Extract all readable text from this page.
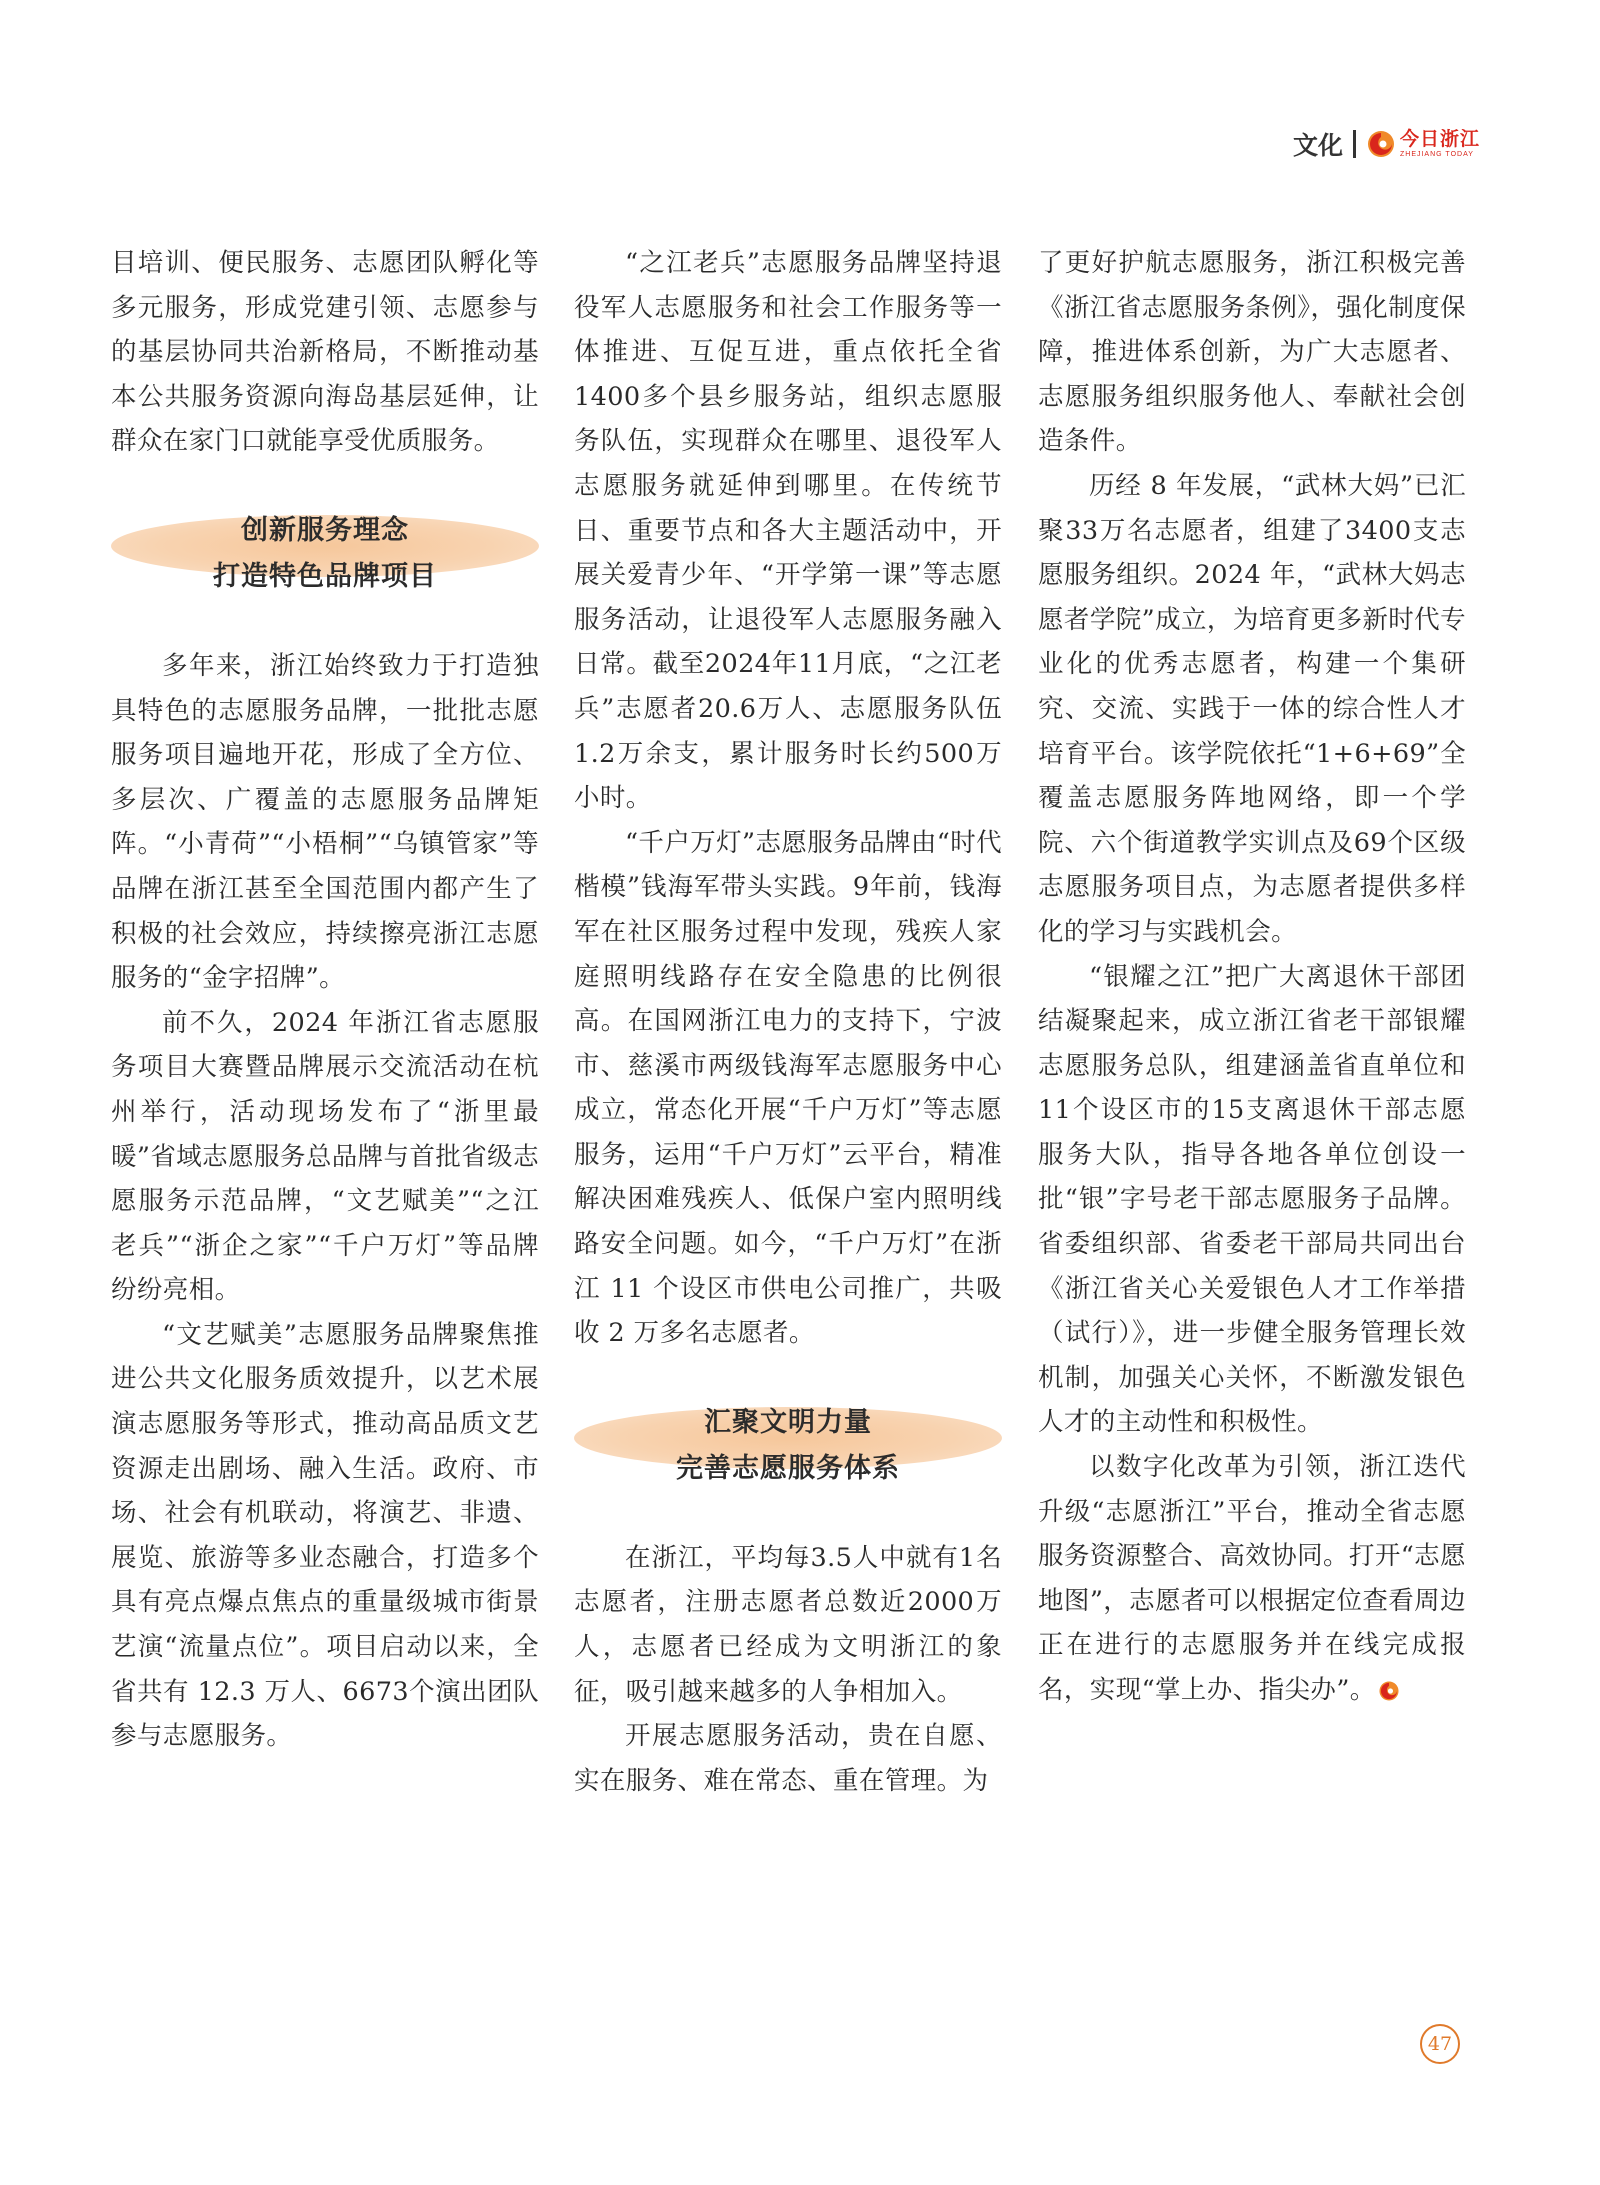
文化	今日浙江
ZHEJIANG TODAY

目培训、便民服务、志愿团队孵化等多元服务，形成党建引领、志愿参与的基层协同共治新格局，不断推动基本公共服务资源向海岛基层延伸，让群众在家门口就能享受优质服务。

创新服务理念
打造特色品牌项目

多年来，浙江始终致力于打造独具特色的志愿服务品牌，一批批志愿服务项目遍地开花，形成了全方位、多层次、广覆盖的志愿服务品牌矩阵。“小青荷”“小梧桐”“乌镇管家”等品牌在浙江甚至全国范围内都产生了积极的社会效应，持续擦亮浙江志愿服务的“金字招牌”。

前不久，2024 年浙江省志愿服务项目大赛暨品牌展示交流活动在杭州举行，活动现场发布了“浙里最暖”省域志愿服务总品牌与首批省级志愿服务示范品牌，“文艺赋美”“之江老兵”“浙企之家”“千户万灯”等品牌纷纷亮相。

“文艺赋美”志愿服务品牌聚焦推进公共文化服务质效提升，以艺术展演志愿服务等形式，推动高品质文艺资源走出剧场、融入生活。政府、市场、社会有机联动，将演艺、非遗、展览、旅游等多业态融合，打造多个具有亮点爆点焦点的重量级城市街景艺演“流量点位”。项目启动以来，全省共有 12.3 万人、6673个演出团队参与志愿服务。

“之江老兵”志愿服务品牌坚持退役军人志愿服务和社会工作服务等一体推进、互促互进，重点依托全省1400多个县乡服务站，组织志愿服务队伍，实现群众在哪里、退役军人志愿服务就延伸到哪里。在传统节日、重要节点和各大主题活动中，开展关爱青少年、“开学第一课”等志愿服务活动，让退役军人志愿服务融入日常。截至2024年11月底，“之江老兵”志愿者20.6万人、志愿服务队伍1.2万余支，累计服务时长约500万小时。

“千户万灯”志愿服务品牌由“时代楷模”钱海军带头实践。9年前，钱海军在社区服务过程中发现，残疾人家庭照明线路存在安全隐患的比例很高。在国网浙江电力的支持下，宁波市、慈溪市两级钱海军志愿服务中心成立，常态化开展“千户万灯”等志愿服务，运用“千户万灯”云平台，精准解决困难残疾人、低保户室内照明线路安全问题。如今，“千户万灯”在浙江 11 个设区市供电公司推广，共吸收 2 万多名志愿者。

汇聚文明力量
完善志愿服务体系

在浙江，平均每3.5人中就有1名志愿者，注册志愿者总数近2000万人，志愿者已经成为文明浙江的象征，吸引越来越多的人争相加入。

开展志愿服务活动，贵在自愿、实在服务、难在常态、重在管理。为

了更好护航志愿服务，浙江积极完善《浙江省志愿服务条例》，强化制度保障，推进体系创新，为广大志愿者、志愿服务组织服务他人、奉献社会创造条件。

历经 8 年发展，“武林大妈”已汇聚33万名志愿者，组建了3400支志愿服务组织。2024 年，“武林大妈志愿者学院”成立，为培育更多新时代专业化的优秀志愿者，构建一个集研究、交流、实践于一体的综合性人才培育平台。该学院依托“1+6+69”全覆盖志愿服务阵地网络，即一个学院、六个街道教学实训点及69个区级志愿服务项目点，为志愿者提供多样化的学习与实践机会。

“银耀之江”把广大离退休干部团结凝聚起来，成立浙江省老干部银耀志愿服务总队，组建涵盖省直单位和11个设区市的15支离退休干部志愿服务大队，指导各地各单位创设一批“银”字号老干部志愿服务子品牌。省委组织部、省委老干部局共同出台《浙江省关心关爱银色人才工作举措（试行）》，进一步健全服务管理长效机制，加强关心关怀，不断激发银色人才的主动性和积极性。

以数字化改革为引领，浙江迭代升级“志愿浙江”平台，推动全省志愿服务资源整合、高效协同。打开“志愿地图”，志愿者可以根据定位查看周边正在进行的志愿服务并在线完成报名，实现“掌上办、指尖办”。

47
